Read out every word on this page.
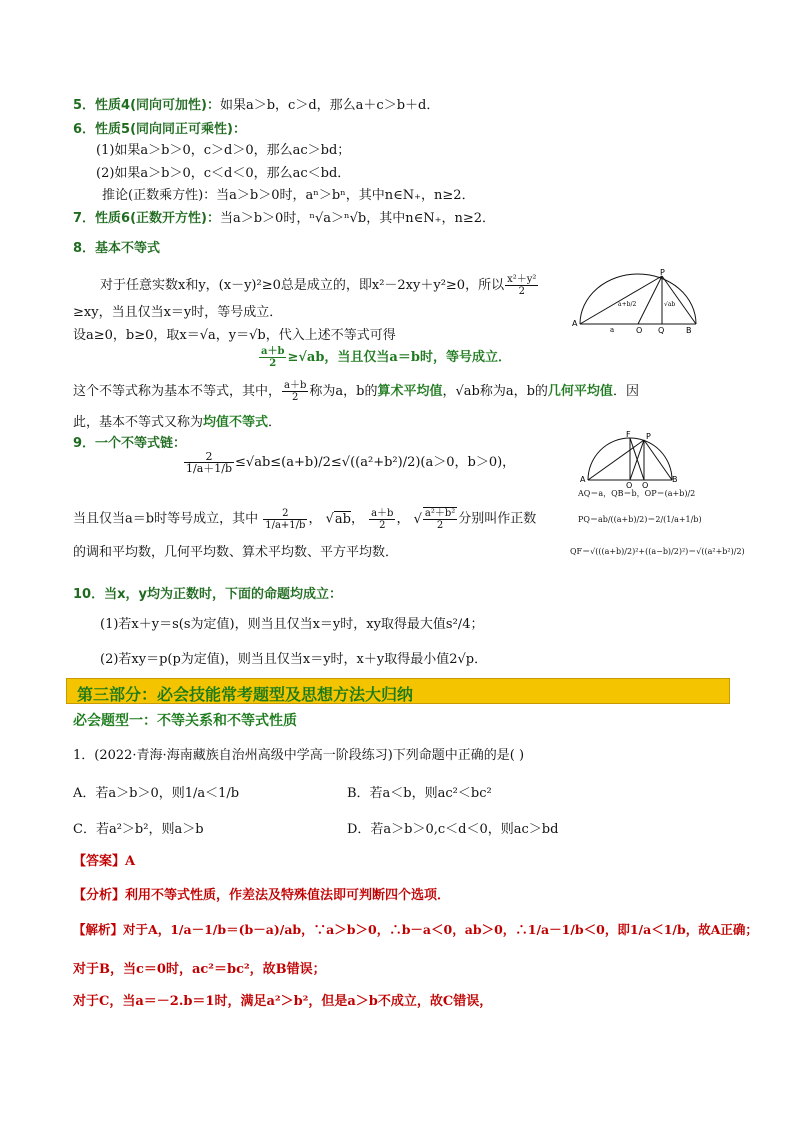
5．性质4(同向可加性)：如果a＞b，c＞d，那么a＋c＞b＋d．
6．性质5(同向同正可乘性)：
(1)如果a＞b＞0，c＞d＞0，那么ac＞bd；
(2)如果a＞b＞0，c＜d＜0，那么ac＜bd．
推论(正数乘方性)：当a＞b＞0时，aⁿ＞bⁿ，其中n∈N₊，n≥2．
7．性质6(正数开方性)：当a＞b＞0时，ⁿ√a＞ⁿ√b，其中n∈N₊，n≥2．
8．基本不等式
对于任意实数x和y，(x－y)²≥0总是成立的，即x²－2xy＋y²≥0，所以 $\frac{\text{x²＋y²}}{2}$
≥xy，当且仅当x＝y时，等号成立．
设a≥0，b≥0，取x＝√a，y＝√b，代入上述不等式可得
$\frac{a+b}{2} \ge√ab$，当且仅当a＝b时，等号成立．
这个不等式称为基本不等式，其中， $\frac{a+b}{2}$ 称为a，b的算术平均值，√ab称为a，b的几何平均值．因
此，基本不等式又称为均值不等式．
9．一个不等式链：
$\frac{2}{1/a+1/b} \le√ab\le(a+b)/2\le√((a^2+b^2)/2)(a>0$，b＞0)，
当且仅当a＝b时等号成立，其中 $\frac{2}{1/a+1/b}$ ， √ab， $\frac{a+b}{2}$ ， √ $\frac{\text{a²＋b²}}{2}$ 分别叫作正数
的调和平均数，几何平均数、算术平均数、平方平均数．
10．当x，y均为正数时，下面的命题均成立：
(1)若x＋y＝s(s为定值)，则当且仅当x＝y时，xy取得最大值s²/4；
(2)若xy＝p(p为定值)，则当且仅当x＝y时，x＋y取得最小值2√p．
第三部分：必会技能常考题型及思想方法大归纳
必会题型一：不等关系和不等式性质
1．(2022·青海·海南藏族自治州高级中学高一阶段练习)下列命题中正确的是( )
A．若a＞b＞0，则1/a＜1/b	B．若a＜b，则ac²＜bc²
C．若a²＞b²，则a＞b	D．若a＞b＞0,c＜d＜0，则ac＞bd
【答案】A
【分析】利用不等式性质，作差法及特殊值法即可判断四个选项．
【解析】对于A，1/a－1/b＝(b－a)/ab，∵a＞b＞0，∴b－a＜0，ab＞0，∴1/a－1/b＜0，即1/a＜1/b，故A正确；
对于B，当c＝0时，ac²＝bc²，故B错误；
对于C，当a＝－2.b＝1时，满足a²＞b²，但是a＞b不成立，故C错误，
P
A
a	O Q	B
a+b/2	√ab
F P
A
O Q
B
AQ＝a，QB＝b，OP＝(a+b)/2
PQ＝ab/((a+b)/2)＝2/(1/a+1/b)
QF＝√(((a+b)/2)²+((a−b)/2)²)＝√((a²+b²)/2)
